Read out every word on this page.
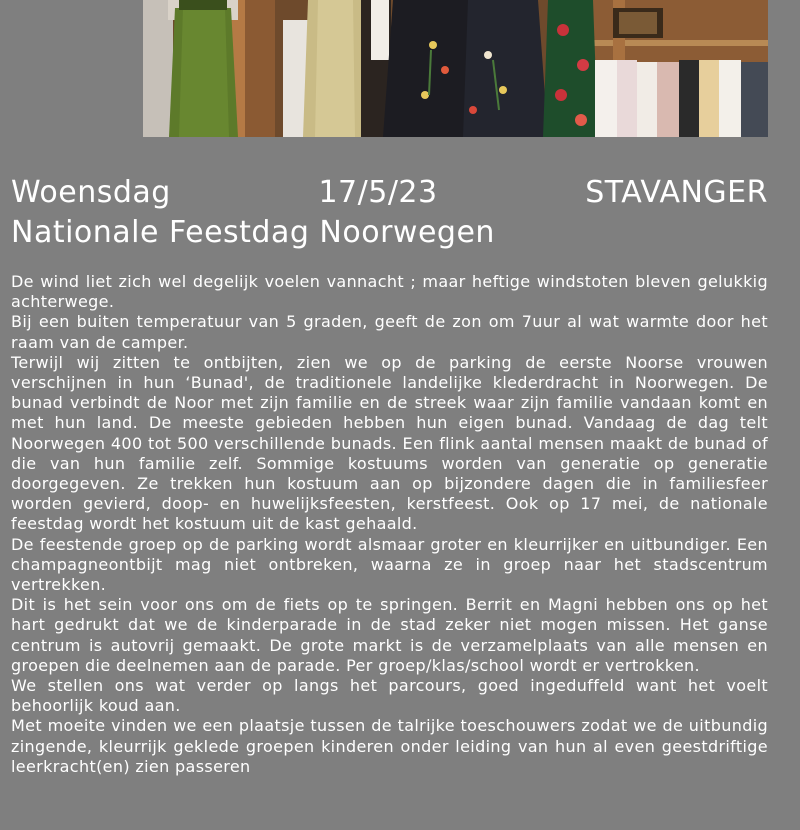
Woensdag	17/5/23	STAVANGER
Nationale Feestdag Noorwegen

De wind liet zich wel degelijk voelen vannacht ; maar heftige windstoten bleven gelukkig achterwege.

Bij een buiten temperatuur van 5 graden, geeft de zon om 7uur al wat warmte door het raam van de camper.

Terwijl wij zitten te ontbijten, zien we op de parking de eerste Noorse vrouwen verschijnen in hun ‘Bunad', de traditionele landelijke klederdracht in Noorwegen. De bunad verbindt de Noor met zijn familie en de streek waar zijn familie vandaan komt en met hun land. De meeste gebieden hebben hun eigen bunad. Vandaag de dag telt Noorwegen 400 tot 500 verschillende bunads. Een flink aantal mensen maakt de bunad of die van hun familie zelf. Sommige kostuums worden van generatie op generatie doorgegeven. Ze trekken hun kostuum aan op bijzondere dagen die in familiesfeer worden gevierd, doop- en huwelijksfeesten, kerstfeest. Ook op 17 mei, de nationale feestdag wordt het kostuum uit de kast gehaald.

De feestende groep op de parking wordt alsmaar groter en kleurrijker en uitbundiger. Een champagneontbijt mag niet ontbreken, waarna ze in groep naar het stadscentrum vertrekken.

Dit is het sein voor ons om de fiets op te springen. Berrit en Magni hebben ons op het hart gedrukt dat we de kinderparade in de stad zeker niet mogen missen. Het ganse centrum is autovrij gemaakt. De grote markt is de verzamelplaats van alle mensen en groepen die deelnemen aan de parade. Per groep/klas/school wordt er vertrokken.

We stellen ons wat verder op langs het parcours, goed ingeduffeld want het voelt behoorlijk koud aan.

Met moeite vinden we een plaatsje tussen de talrijke toeschouwers zodat we de uitbundig zingende, kleurrijk geklede groepen kinderen onder leiding van hun al even geestdriftige leerkracht(en) zien passeren
